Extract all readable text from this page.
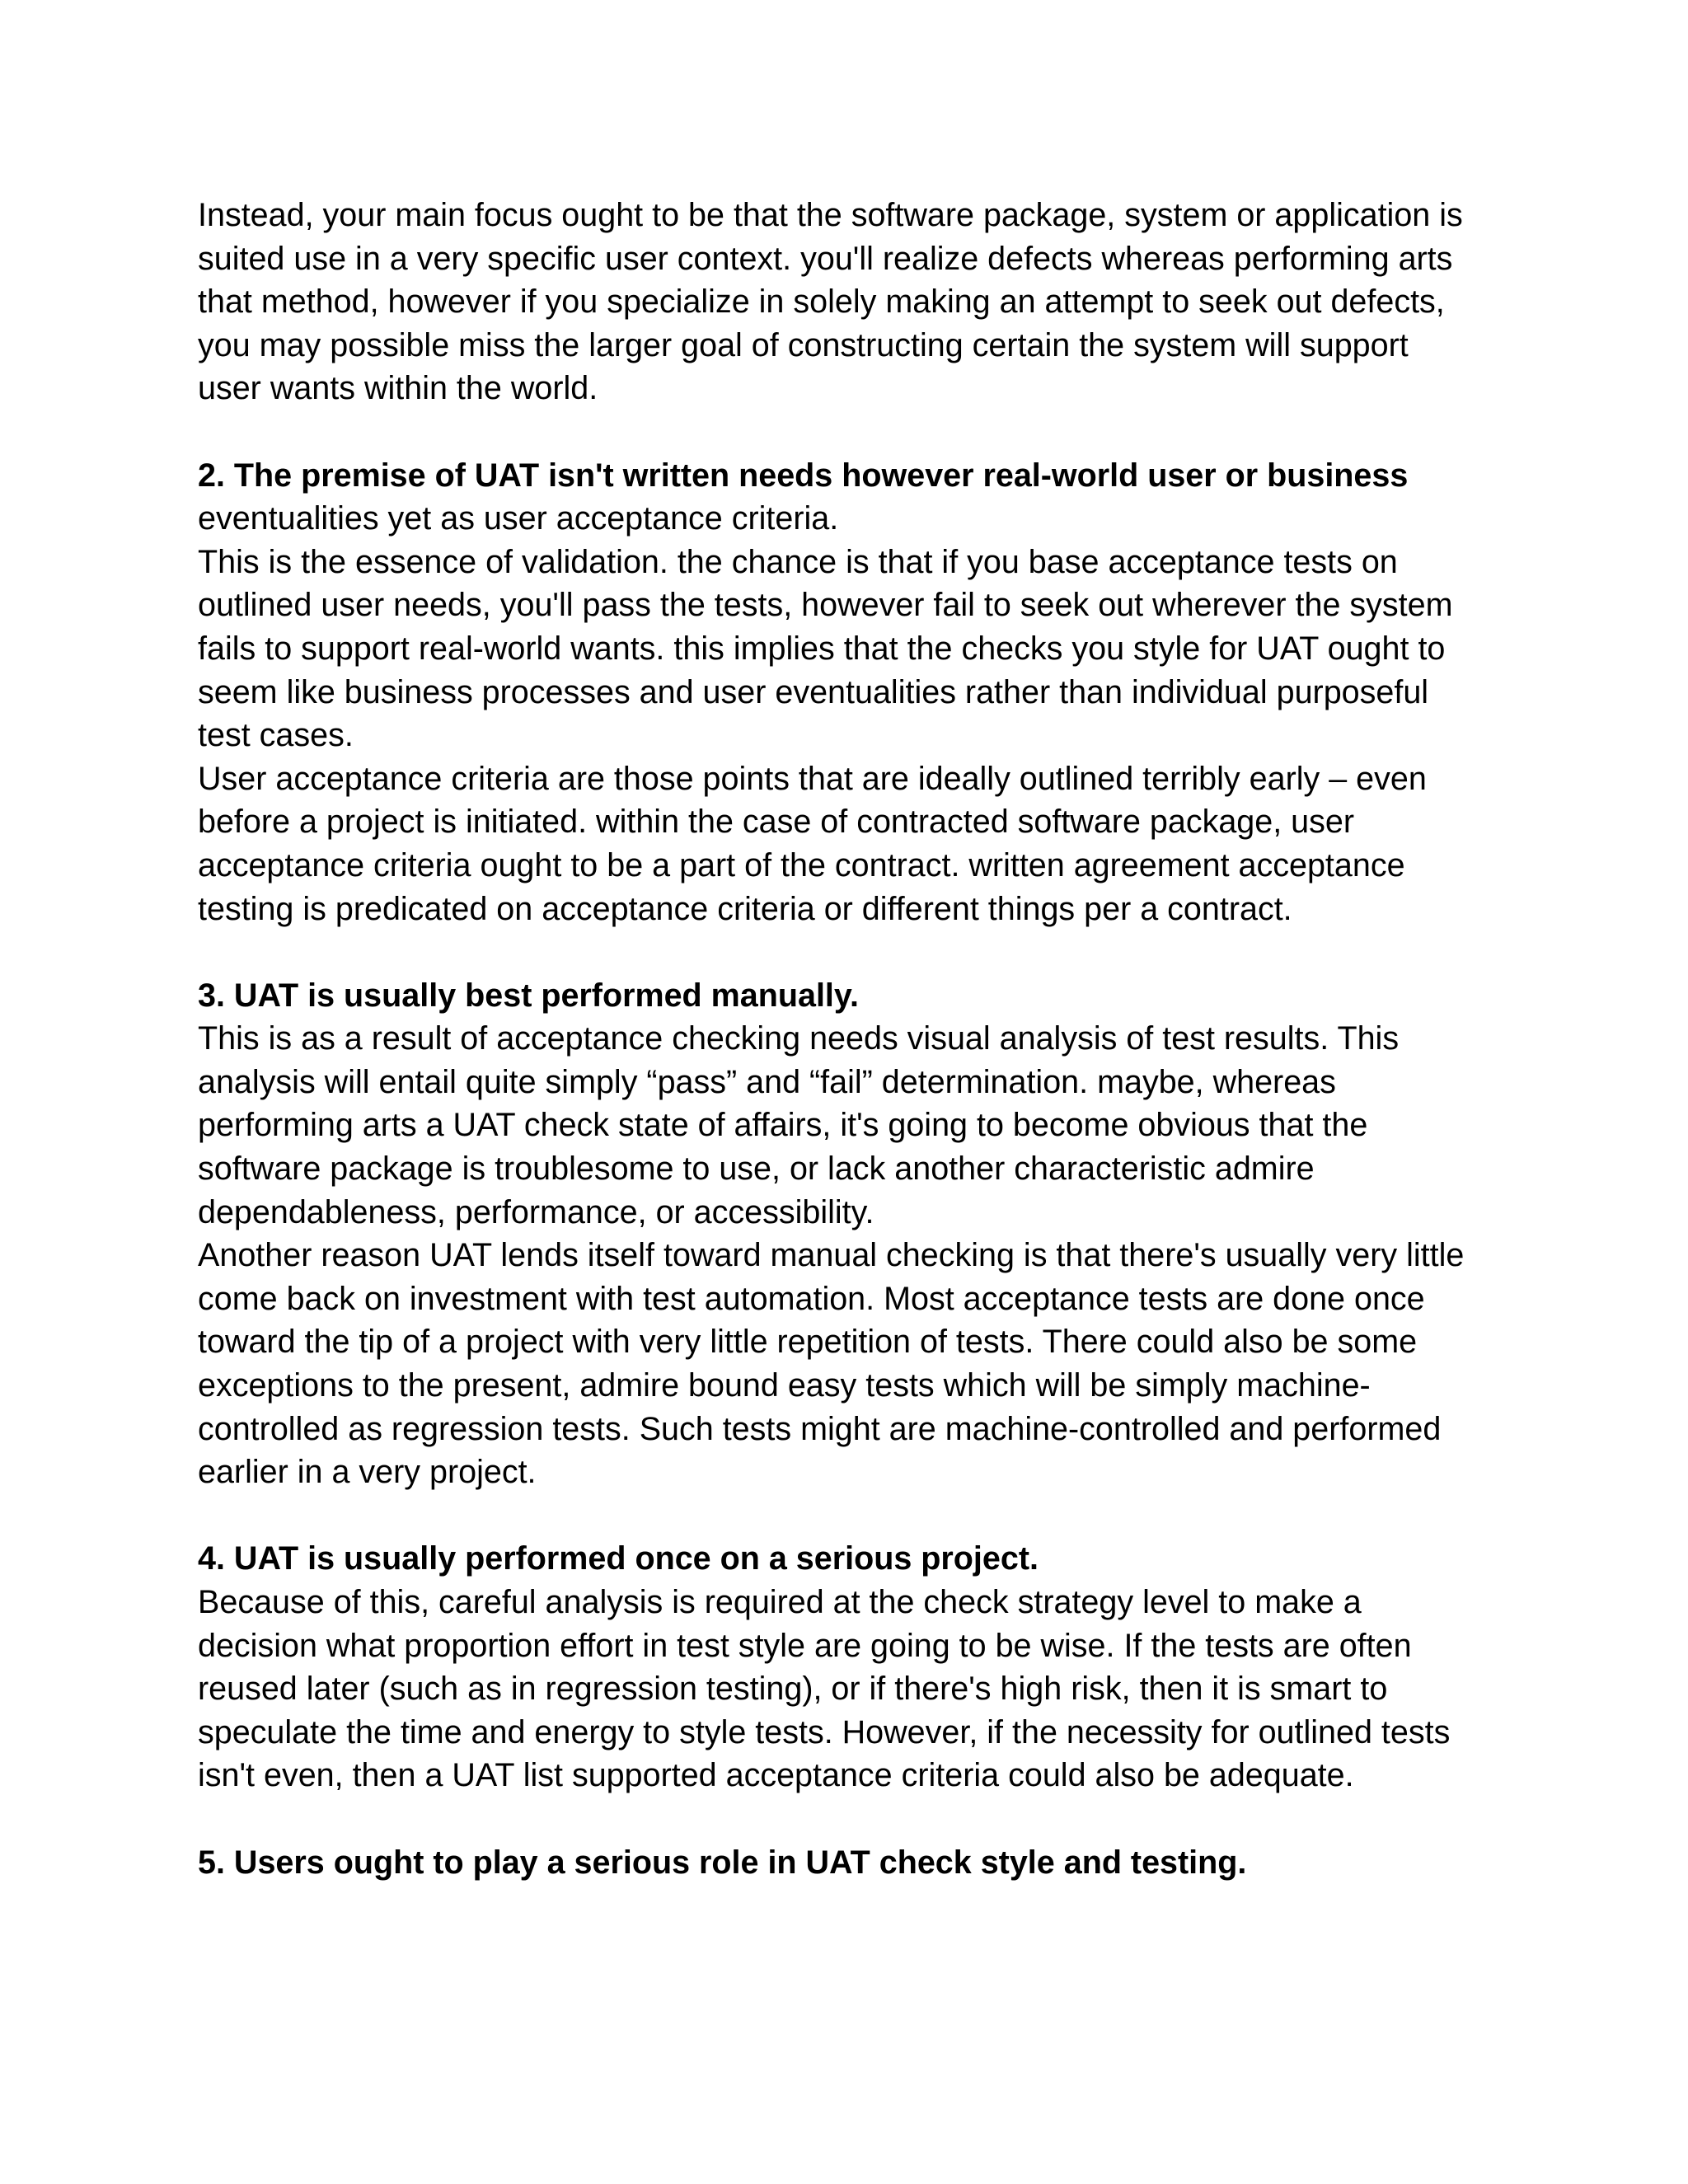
Instead, your main focus ought to be that the software package, system or application is

suited use in a very specific user context. you'll realize defects whereas performing arts

that method, however if you specialize in solely making an attempt to seek out defects,

you may possible miss the larger goal of constructing certain the system will support

user wants within the world.

2. The premise of UAT isn't written needs however real-world user or business

eventualities yet as user acceptance criteria.

This is the essence of validation. the chance is that if you base acceptance tests on

outlined user needs, you'll pass the tests, however fail to seek out wherever the system

fails to support real-world wants. this implies that the checks you style for UAT ought to

seem like business processes and user eventualities rather than individual purposeful

test cases.

User acceptance criteria are those points that are ideally outlined terribly early – even

before a project is initiated. within the case of contracted software package, user

acceptance criteria ought to be a part of the contract. written agreement acceptance

testing is predicated on acceptance criteria or different things per a contract.

3. UAT is usually best performed manually.

This is as a result of acceptance checking needs visual analysis of test results. This

analysis will entail quite simply “pass” and “fail” determination. maybe, whereas

performing arts a UAT check state of affairs, it's going to become obvious that the

software package is troublesome to use, or lack another characteristic admire

dependableness, performance, or accessibility.

Another reason UAT lends itself toward manual checking is that there's usually very little

come back on investment with test automation. Most acceptance tests are done once

toward the tip of a project with very little repetition of tests. There could also be some

exceptions to the present, admire bound easy tests which will be simply machine-

controlled as regression tests. Such tests might are machine-controlled and performed

earlier in a very project.

4. UAT is usually performed once on a serious project.

Because of this, careful analysis is required at the check strategy level to make a

decision what proportion effort in test style are going to be wise. If the tests are often

reused later (such as in regression testing), or if there's high risk, then it is smart to

speculate the time and energy to style tests. However, if the necessity for outlined tests

isn't even, then a UAT list supported acceptance criteria could also be adequate.

5. Users ought to play a serious role in UAT check style and testing.
